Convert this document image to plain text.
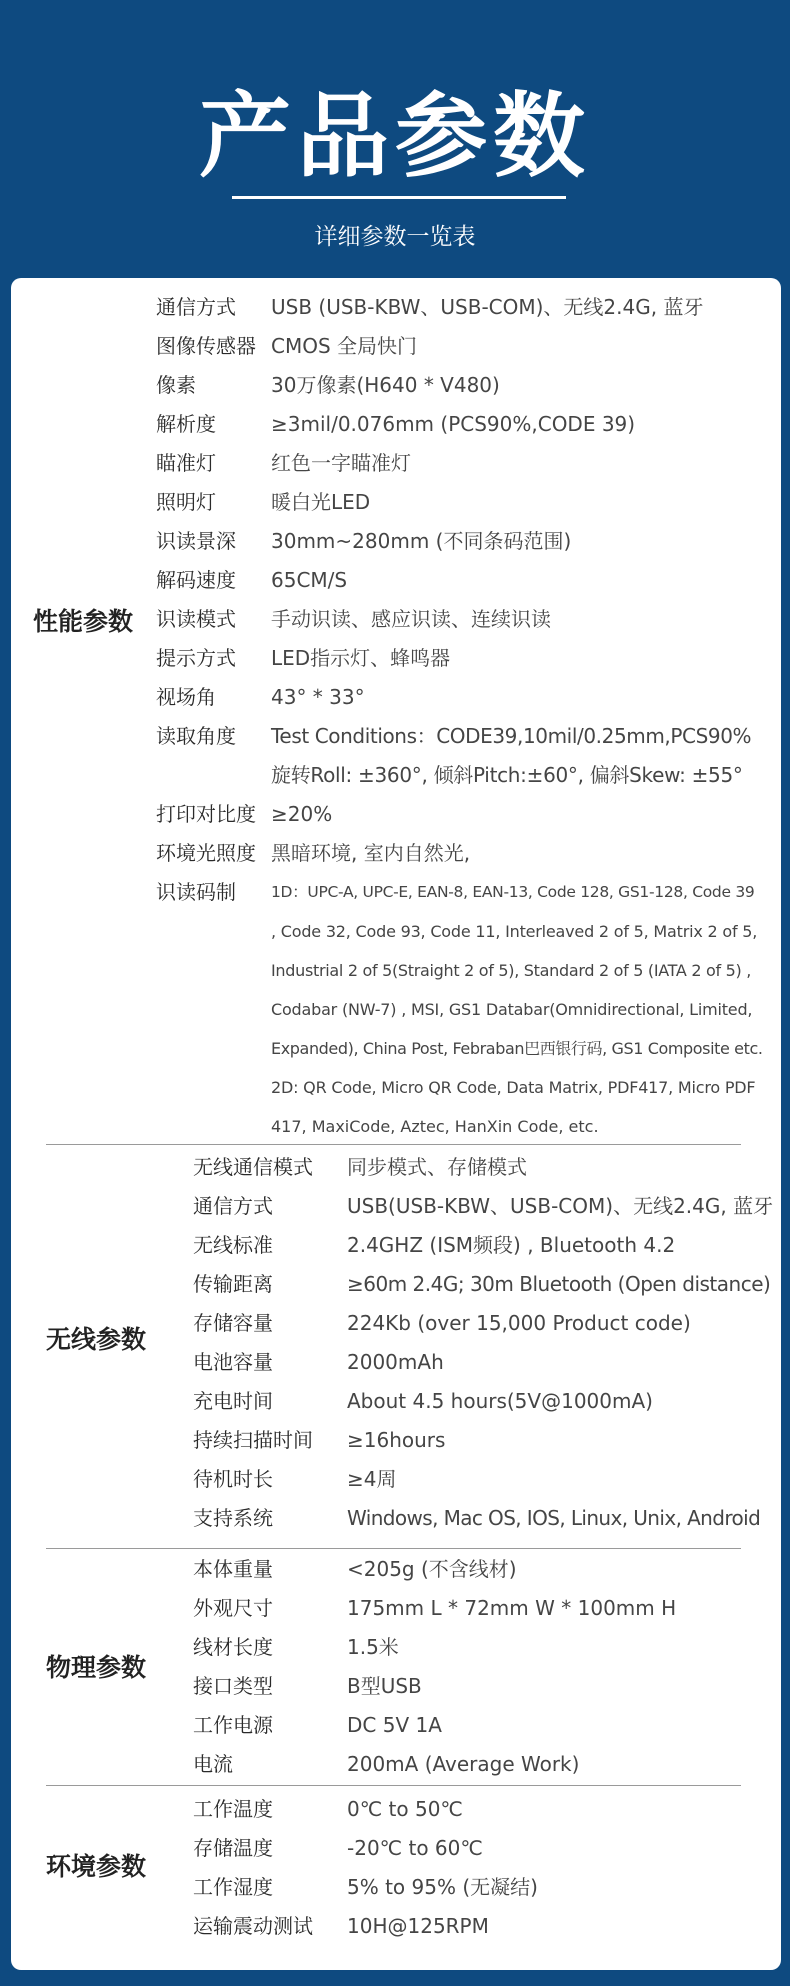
产品参数
详细参数一览表
性能参数
通信方式 USB (USB-KBW、USB-COM)、无线2.4G, 蓝牙
图像传感器 CMOS 全局快门
像素	30万像素(H640 * V480)
解析度	≥3mil/0.076mm (PCS90%,CODE 39)
瞄准灯	红色一字瞄准灯
照明灯	暖白光LED
识读景深 30mm~280mm (不同条码范围)
解码速度 65CM/S
识读模式 手动识读、感应识读、连续识读
提示方式 LED指示灯、蜂鸣器
视场角	43° * 33°
读取角度 Test Conditions：CODE39,10mil/0.25mm,PCS90%
旋转Roll: ±360°, 倾斜Pitch:±60°, 偏斜Skew: ±55°
打印对比度 ≥20%
环境光照度 黑暗环境, 室内自然光,
识读码制 1D：UPC-A, UPC-E, EAN-8, EAN-13, Code 128, GS1-128, Code 39
, Code 32, Code 93, Code 11, Interleaved 2 of 5, Matrix 2 of 5,
Industrial 2 of 5(Straight 2 of 5), Standard 2 of 5 (IATA 2 of 5) ,
Codabar (NW-7) , MSI, GS1 Databar(Omnidirectional, Limited,
Expanded), China Post, Febraban巴西银行码, GS1 Composite etc.
2D: QR Code, Micro QR Code, Data Matrix, PDF417, Micro PDF
417, MaxiCode, Aztec, HanXin Code, etc.
无线参数
无线通信模式 同步模式、存储模式
通信方式	USB(USB-KBW、USB-COM)、无线2.4G, 蓝牙
无线标准	2.4GHZ (ISM频段) , Bluetooth 4.2
传输距离	≥60m 2.4G; 30m Bluetooth (Open distance)
存储容量	224Kb (over 15,000 Product code)
电池容量	2000mAh
充电时间	About 4.5 hours(5V@1000mA)
持续扫描时间 ≥16hours
待机时长	≥4周
支持系统	Windows, Mac OS, IOS, Linux, Unix, Android
物理参数
本体重量	<205g (不含线材)
外观尺寸	175mm L * 72mm W * 100mm H
线材长度	1.5米
接口类型	B型USB
工作电源	DC 5V 1A
电流	200mA (Average Work)
环境参数
工作温度	0℃ to 50℃
存储温度	-20℃ to 60℃
工作湿度	5% to 95% (无凝结)
运输震动测试 10H@125RPM
